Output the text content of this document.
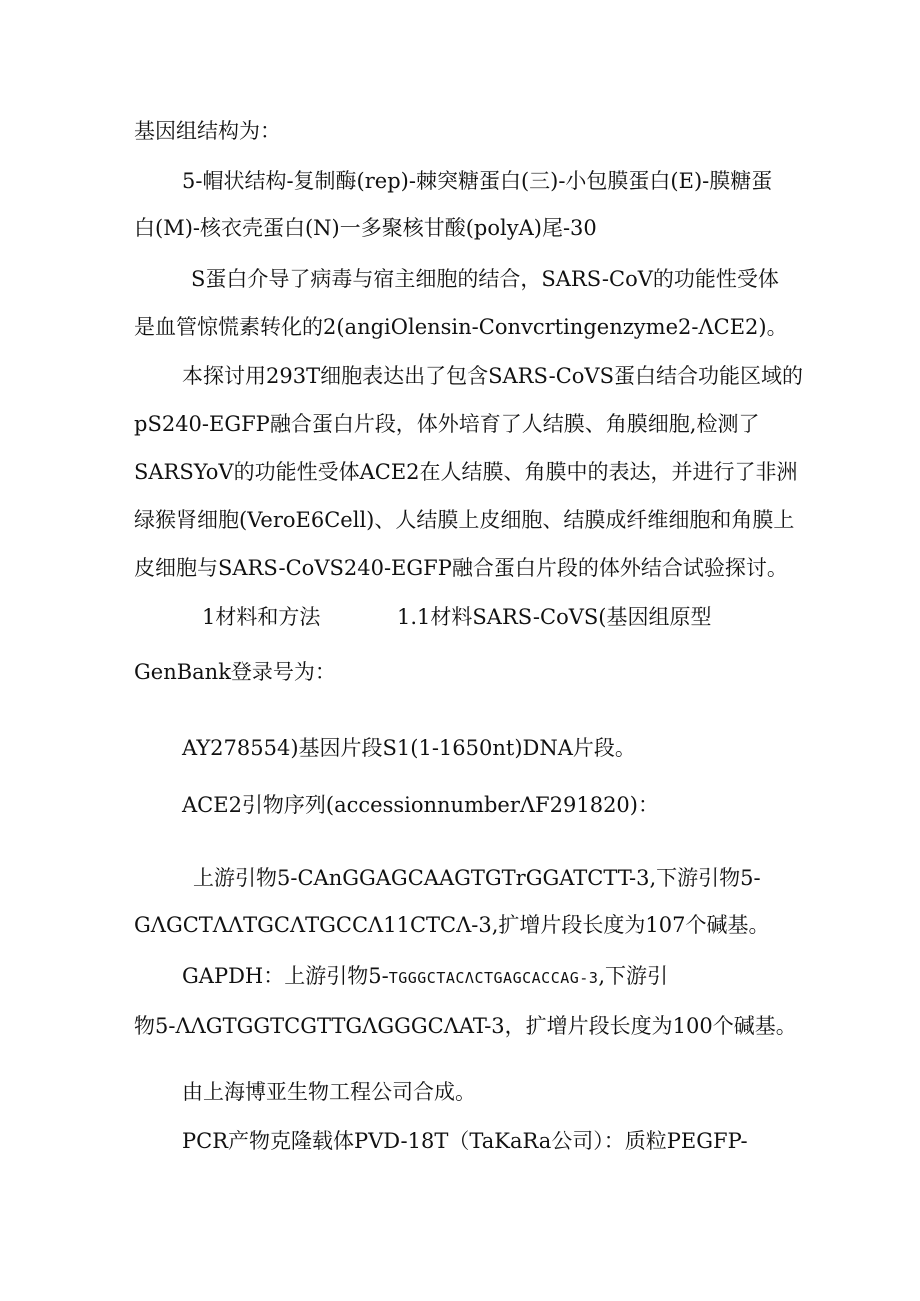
基因组结构为：
5-帽状结构-复制酶(rep)-棘突糖蛋白(三)-小包膜蛋白(E)-膜糖蛋
白(M)-核衣壳蛋白(N)一多聚核甘酸(polyA)尾-30
S蛋白介导了病毒与宿主细胞的结合，SARS-CoV的功能性受体
是血管惊慌素转化的2(angiOlensin-Convcrtingenzyme2-ΛCE2)。
本探讨用293T细胞表达出了包含SARS-CoVS蛋白结合功能区域的
pS240-EGFP融合蛋白片段，体外培育了人结膜、角膜细胞,检测了
SARSYoV的功能性受体ACE2在人结膜、角膜中的表达，并进行了非洲
绿猴肾细胞(VeroE6Cell)、人结膜上皮细胞、结膜成纤维细胞和角膜上
皮细胞与SARS-CoVS240-EGFP融合蛋白片段的体外结合试验探讨。
1材料和方法	1.1材料SARS-CoVS(基因组原型
GenBank登录号为：
AY278554)基因片段S1(1-1650nt)DNA片段。
ACE2引物序列(accessionnumberΛF291820)：
上游引物5-CAnGGAGCAAGTGTrGGATCTT-3,下游引物5-
GΛGCTΛΛTGCΛTGCCΛ11CTCΛ-3,扩增片段长度为107个碱基。
GAPDH：上游引物5-TGGGCTACΛCTGAGCACCAG-3,下游引
物5-ΛΛGTGGTCGTTGΛGGGCΛAT-3，扩增片段长度为100个碱基。
由上海博亚生物工程公司合成。
PCR产物克隆载体PVD-18T（TaKaRa公司）：质粒PEGFP-
